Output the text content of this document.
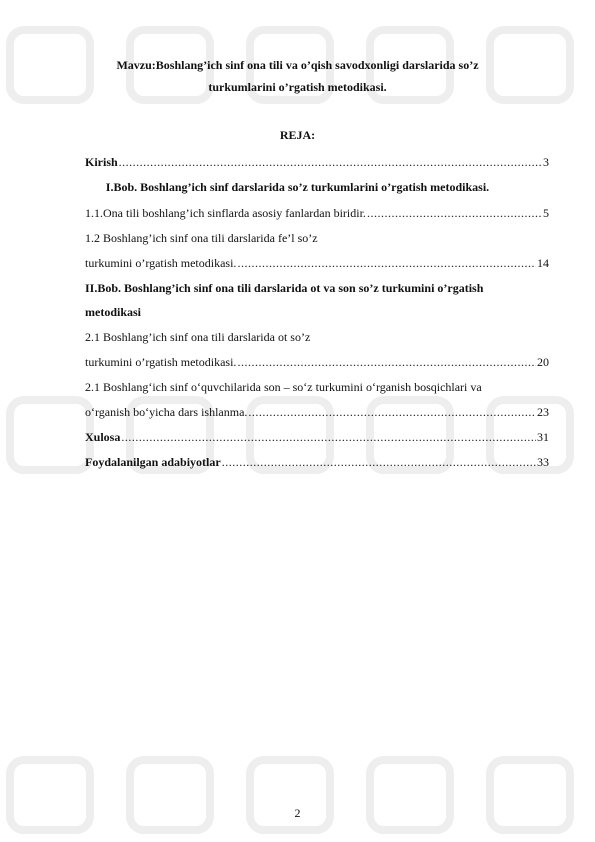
Mavzu:Boshlang’ich sinf ona tili va o’qish savodxonligi darslarida so’z
turkumlarini o’rgatish metodikasi.
REJA:
Kirish .....	3
I.Bob. Boshlang’ich sinf darslarida so’z turkumlarini o’rgatish metodikasi.
1.1.Ona tili boshlang’ich sinflarda asosiy fanlardan biridir. .....	5
1.2 Boshlang’ich sinf ona tili darslarida fe’l so’z
turkumini o’rgatish metodikasi. .....	14
II.Bob. Boshlang’ich sinf ona tili darslarida ot va son so’z turkumini o’rgatish
metodikasi
2.1 Boshlang’ich sinf ona tili darslarida ot so’z
turkumini o’rgatish metodikasi. .....	20
2.1 Boshlang‘ich sinf o‘quvchilarida son – so‘z turkumini o‘rganish bosqichlari va
o‘rganish bo‘yicha dars ishlanma. .....	23
Xulosa .....	31
Foydalanilgan adabiyotlar .....	33
2
